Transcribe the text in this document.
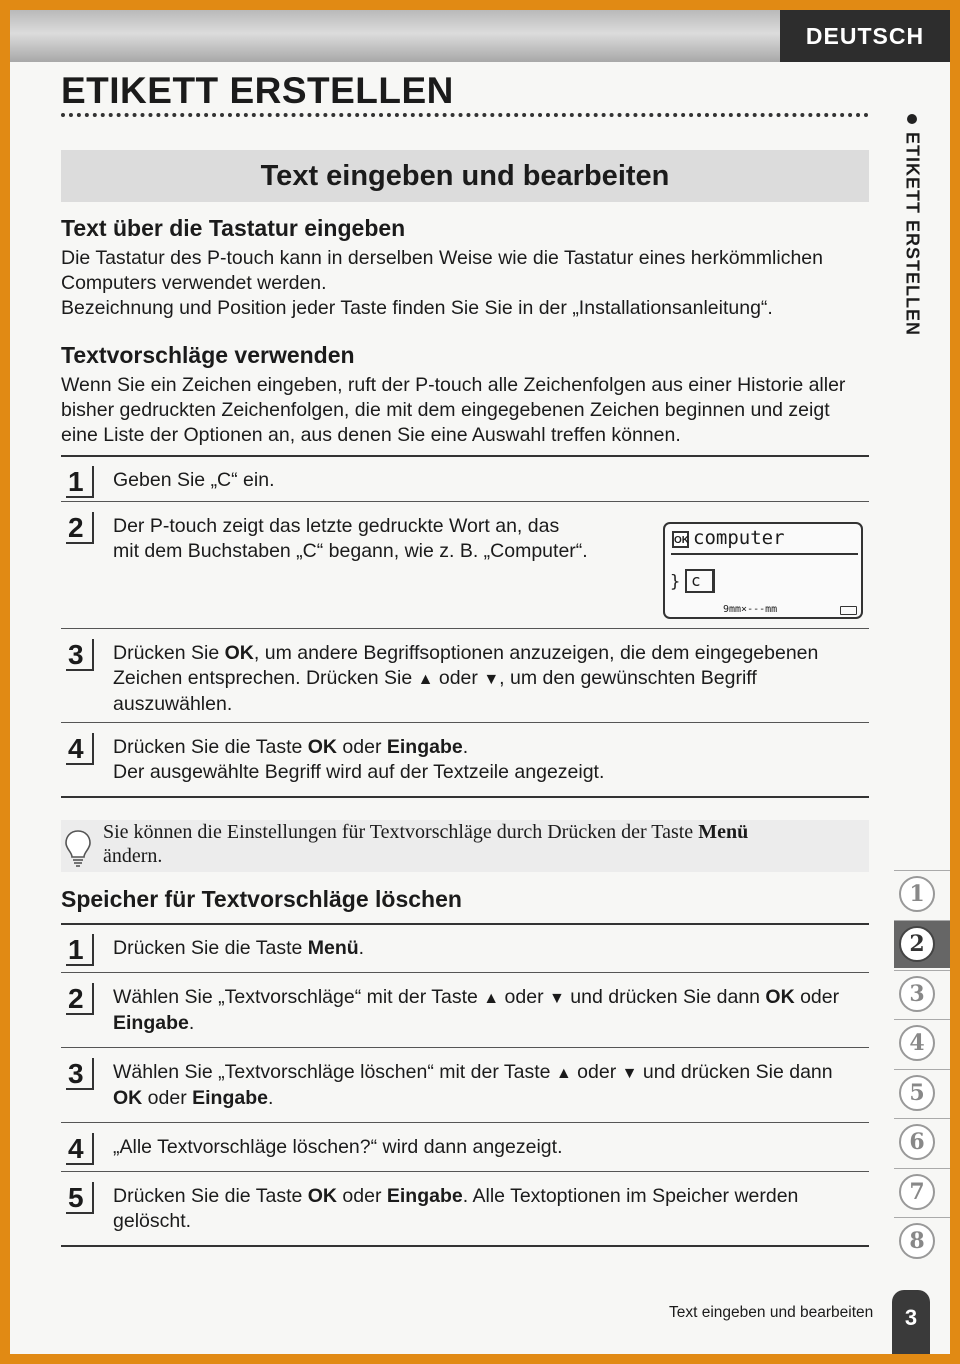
DEUTSCH
ETIKETT ERSTELLEN
ETIKETT ERSTELLEN
Text eingeben und bearbeiten
Text über die Tastatur eingeben

Die Tastatur des P-touch kann in derselben Weise wie die Tastatur eines herkömmlichen
Computers verwendet werden.
Bezeichnung und Position jeder Taste finden Sie Sie in der „Installationsanleitung“.

Textvorschläge verwenden

Wenn Sie ein Zeichen eingeben, ruft der P-touch alle Zeichenfolgen aus einer Historie aller
bisher gedruckten Zeichenfolgen, die mit dem eingegebenen Zeichen beginnen und zeigt
eine Liste der Optionen an, aus denen Sie eine Auswahl treffen können.

1	Geben Sie „C“ ein.

2	Der P-touch zeigt das letzte gedruckte Wort an, das
mit dem Buchstaben „C“ begann, wie z. B. „Computer“.	OK computer
} c
9mm×---mm
3	Drücken Sie OK, um andere Begriffsoptionen anzuzeigen, die dem eingegebenen
Zeichen entsprechen. Drücken Sie ▲ oder ▼, um den gewünschten Begriff
auszuwählen.

4	Drücken Sie die Taste OK oder Eingabe.
Der ausgewählte Begriff wird auf der Textzeile angezeigt.

Sie können die Einstellungen für Textvorschläge durch Drücken der Taste Menü
ändern.
Speicher für Textvorschläge löschen
1	Drücken Sie die Taste Menü.

2	Wählen Sie „Textvorschläge“ mit der Taste ▲ oder ▼ und drücken Sie dann OK oder
Eingabe.

3	Wählen Sie „Textvorschläge löschen“ mit der Taste ▲ oder ▼ und drücken Sie dann
OK oder Eingabe.

4	„Alle Textvorschläge löschen?“ wird dann angezeigt.

5	Drücken Sie die Taste OK oder Eingabe. Alle Textoptionen im Speicher werden
gelöscht.

1
2
3
4
5
6
7
8
Text eingeben und bearbeiten	3
